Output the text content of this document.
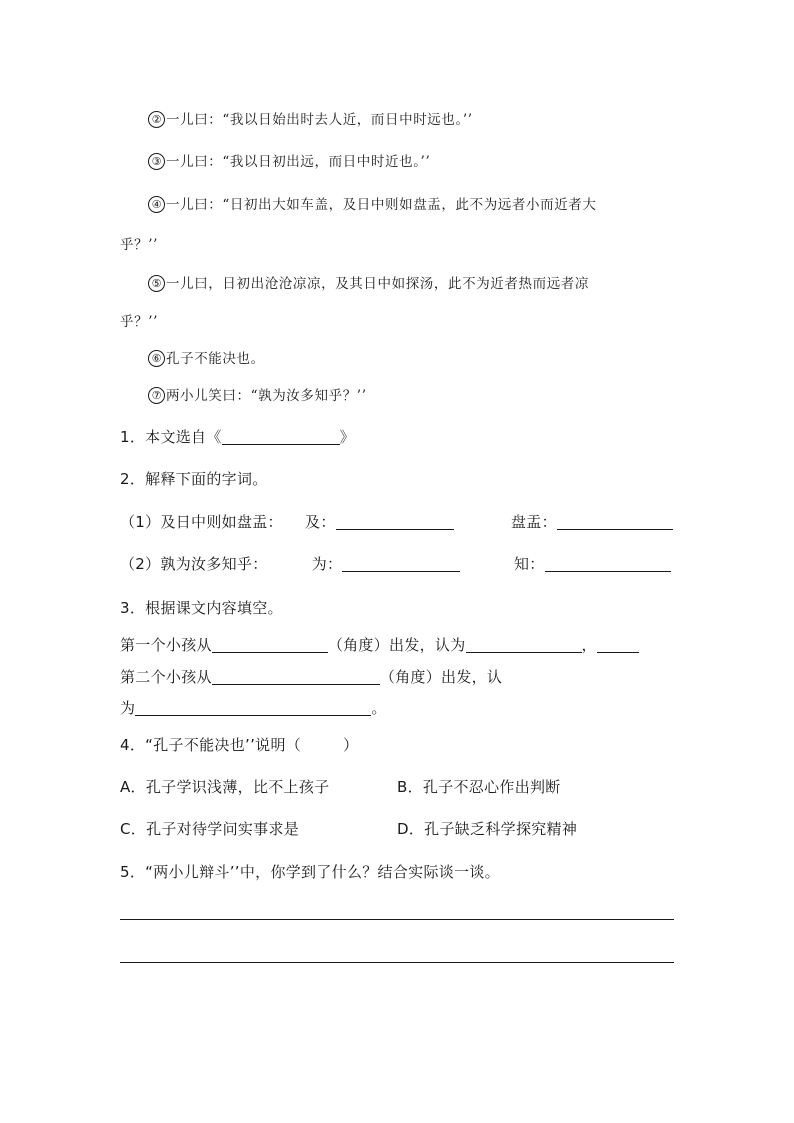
② 一儿曰：“我以日始出时去人近，而日中时远也。’’
③ 一儿曰：“我以日初出远，而日中时近也。’’
④ 一儿曰：“日初出大如车盖，及日中则如盘盂，此不为远者小而近者大
乎？’’
⑤ 一儿曰，日初出沧沧凉凉，及其日中如探汤，此不为近者热而远者凉
乎？’’
⑥ 孔子不能决也。
⑦ 两小儿笑曰：“孰为汝多知乎？’’
1．本文选自《	》
2．解释下面的字词。
（1）及日中则如盘盂： 及：	盘盂：
（2）孰为汝多知乎：	为：	知：
3．根据课文内容填空。
第一个小孩从	（角度）出发，认为	，
第二个小孩从	（角度）出发，认
为	。
4．“孔子不能决也’’说明（	）
A．孔子学识浅薄，比不上孩子	B．孔子不忍心作出判断
C．孔子对待学问实事求是	D．孔子缺乏科学探究精神
5．“两小儿辩斗’’中，你学到了什么？结合实际谈一谈。
